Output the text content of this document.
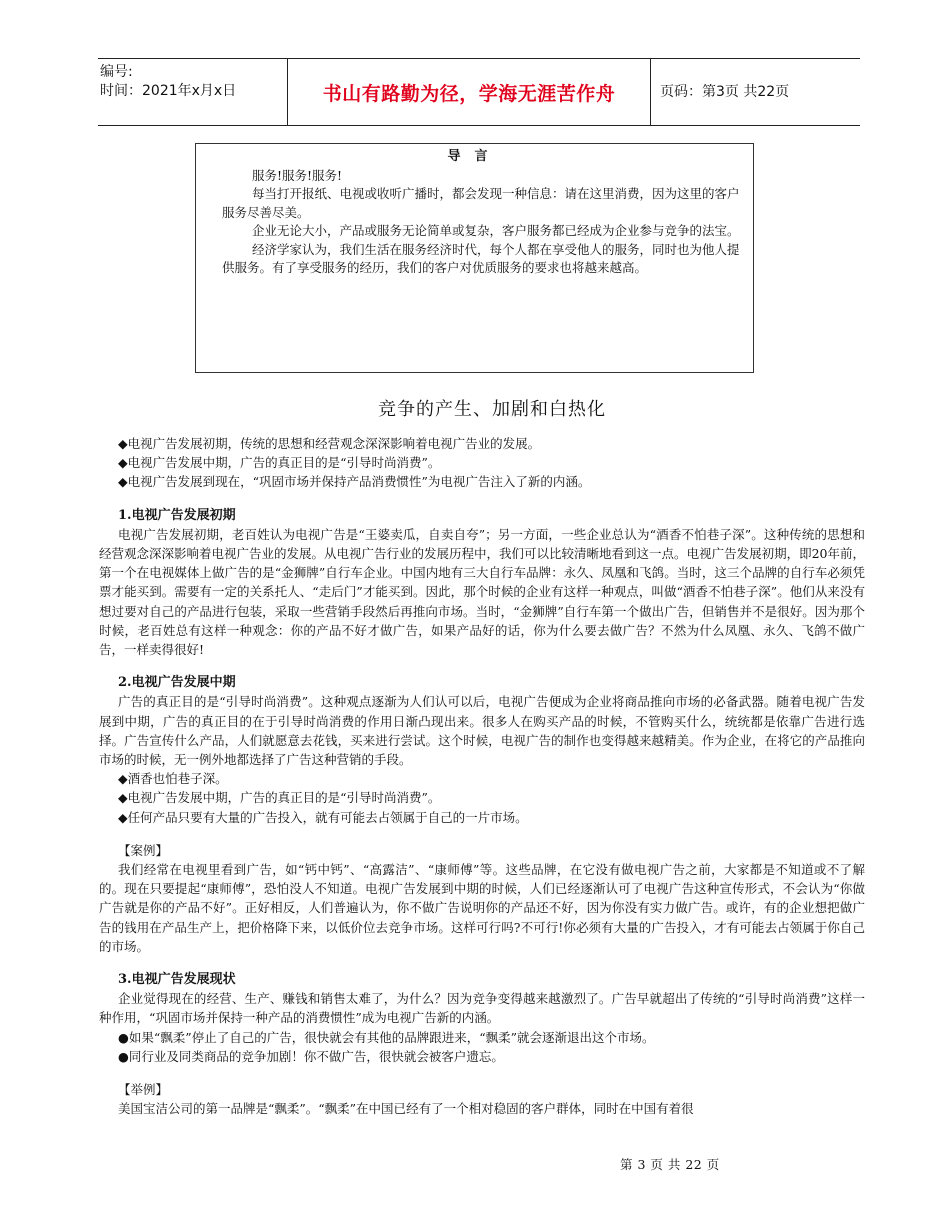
编号:
时间：2021年x月x日	书山有路勤为径，学海无涯苦作舟	页码：第3页 共22页
导言

服务!服务!服务!

每当打开报纸、电视或收听广播时，都会发现一种信息：请在这里消费，因为这里的客户服务尽善尽美。

企业无论大小，产品或服务无论简单或复杂，客户服务都已经成为企业参与竞争的法宝。

经济学家认为，我们生活在服务经济时代，每个人都在享受他人的服务，同时也为他人提供服务。有了享受服务的经历，我们的客户对优质服务的要求也将越来越高。

竞争的产生、加剧和白热化

◆电视广告发展初期，传统的思想和经营观念深深影响着电视广告业的发展。

◆电视广告发展中期，广告的真正目的是“引导时尚消费”。

◆电视广告发展到现在，“巩固市场并保持产品消费惯性”为电视广告注入了新的内涵。

1.电视广告发展初期

电视广告发展初期，老百姓认为电视广告是“王婆卖瓜，自卖自夸”；另一方面，一些企业总认为“酒香不怕巷子深”。这种传统的思想和经营观念深深影响着电视广告业的发展。从电视广告行业的发展历程中，我们可以比较清晰地看到这一点。电视广告发展初期，即20年前，第一个在电视媒体上做广告的是“金狮牌”自行车企业。中国内地有三大自行车品牌：永久、凤凰和飞鸽。当时，这三个品牌的自行车必须凭票才能买到。需要有一定的关系托人、“走后门”才能买到。因此，那个时候的企业有这样一种观点，叫做“酒香不怕巷子深”。他们从来没有想过要对自己的产品进行包装，采取一些营销手段然后再推向市场。当时，“金狮牌”自行车第一个做出广告，但销售并不是很好。因为那个时候，老百姓总有这样一种观念：你的产品不好才做广告，如果产品好的话，你为什么要去做广告？不然为什么凤凰、永久、飞鸽不做广告，一样卖得很好!

2.电视广告发展中期

广告的真正目的是“引导时尚消费”。这种观点逐渐为人们认可以后，电视广告便成为企业将商品推向市场的必备武器。随着电视广告发展到中期，广告的真正目的在于引导时尚消费的作用日渐凸现出来。很多人在购买产品的时候，不管购买什么，统统都是依靠广告进行选择。广告宣传什么产品，人们就愿意去花钱，买来进行尝试。这个时候，电视广告的制作也变得越来越精美。作为企业，在将它的产品推向市场的时候，无一例外地都选择了广告这种营销的手段。

◆酒香也怕巷子深。

◆电视广告发展中期，广告的真正目的是“引导时尚消费”。

◆任何产品只要有大量的广告投入，就有可能去占领属于自己的一片市场。

【案例】

我们经常在电视里看到广告，如“钙中钙”、“高露洁”、“康师傅”等。这些品牌，在它没有做电视广告之前，大家都是不知道或不了解的。现在只要提起“康师傅”，恐怕没人不知道。电视广告发展到中期的时候，人们已经逐渐认可了电视广告这种宣传形式，不会认为“你做广告就是你的产品不好”。正好相反，人们普遍认为，你不做广告说明你的产品还不好，因为你没有实力做广告。或许，有的企业想把做广告的钱用在产品生产上，把价格降下来，以低价位去竞争市场。这样可行吗?不可行!你必须有大量的广告投入，才有可能去占领属于你自己的市场。

3.电视广告发展现状

企业觉得现在的经营、生产、赚钱和销售太难了，为什么？因为竞争变得越来越激烈了。广告早就超出了传统的“引导时尚消费”这样一种作用，“巩固市场并保持一种产品的消费惯性”成为电视广告新的内涵。

●如果“飘柔”停止了自己的广告，很快就会有其他的品牌跟进来，“飘柔”就会逐渐退出这个市场。

●同行业及同类商品的竞争加剧！你不做广告，很快就会被客户遗忘。

【举例】

美国宝洁公司的第一品牌是“飘柔”。“飘柔”在中国已经有了一个相对稳固的客户群体，同时在中国有着很

第 3 页 共 22 页
